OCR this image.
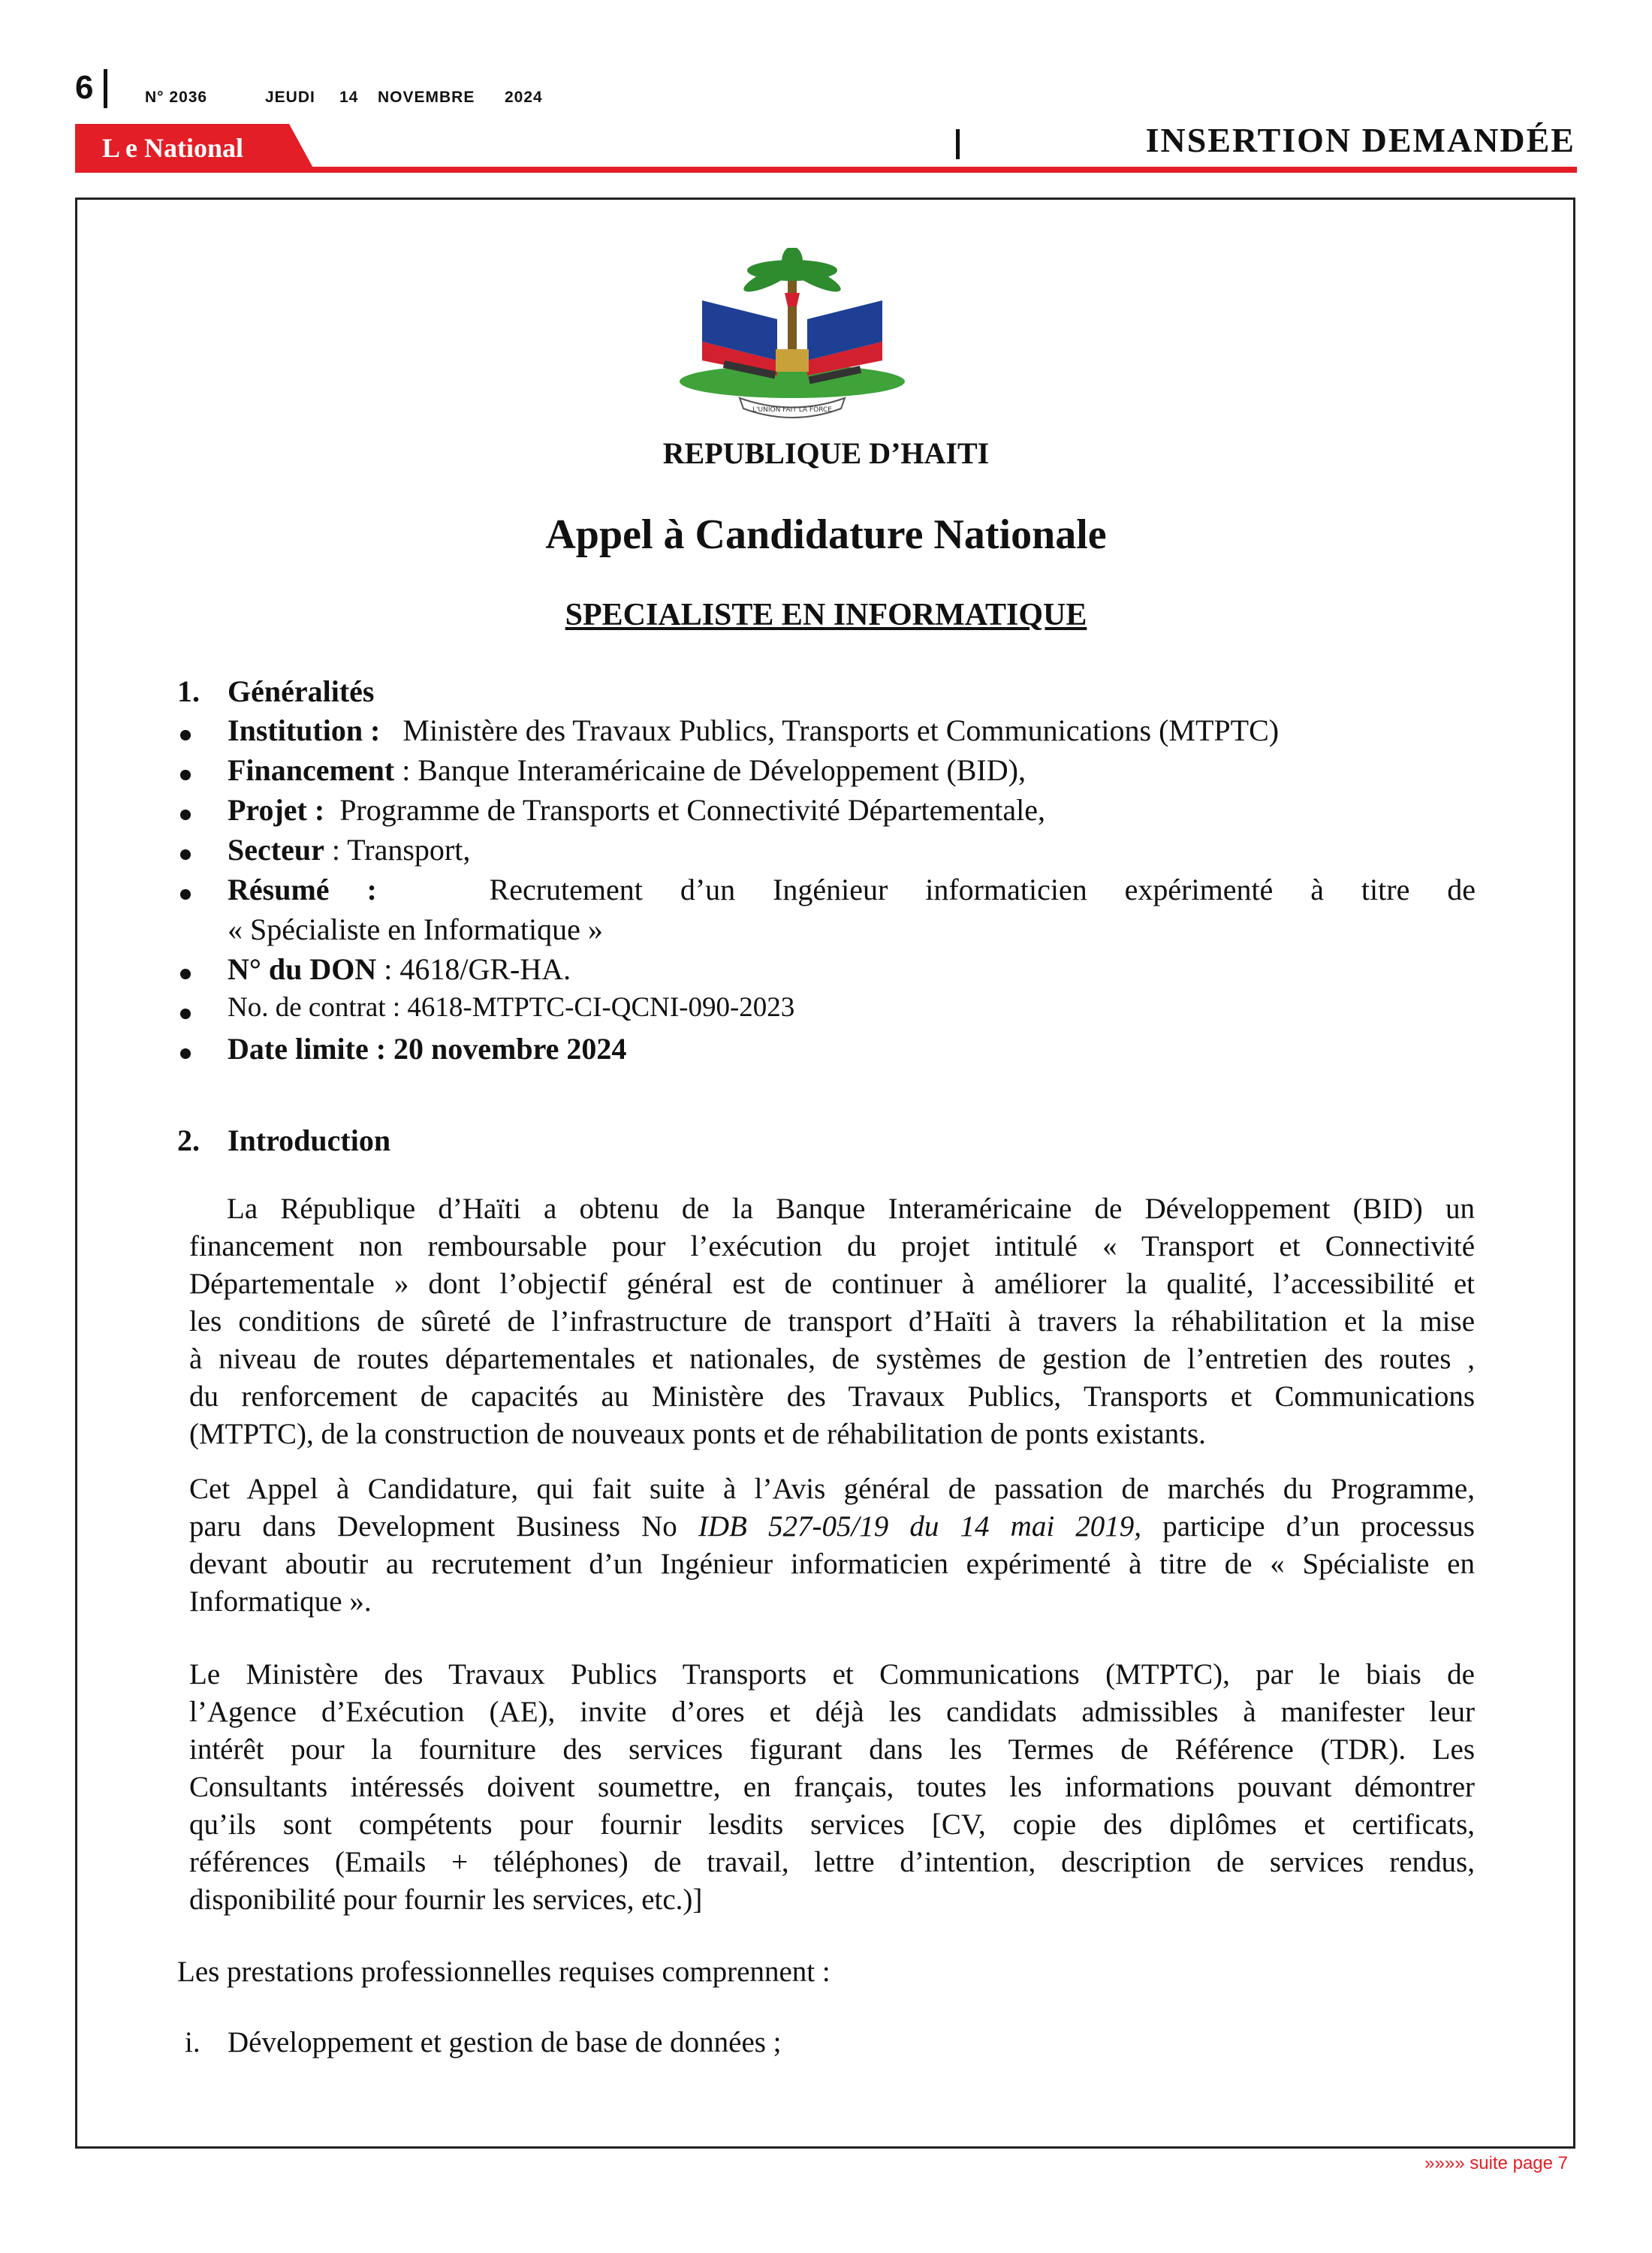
6	N° 2036	JEUDI 14 NOVEMBRE 2024
L e National	INSERTION DEMANDÉE
L'UNION FAIT LA FORCE
REPUBLIQUE D’HAITI
Appel à Candidature Nationale
SPECIALISTE EN INFORMATIQUE
1. Généralités
Institution : Ministère des Travaux Publics, Transports et Communications (MTPTC)
Financement : Banque Interaméricaine de Développement (BID),
Projet : Programme de Transports et Connectivité Départementale,
Secteur : Transport,
Résumé :	Recrutement d’un Ingénieur informaticien expérimenté à titre de
« Spécialiste en Informatique »
N° du DON : 4618/GR-HA.
No. de contrat : 4618-MTPTC-CI-QCNI-090-2023
Date limite : 20 novembre 2024
2. Introduction
La République d’Haïti a obtenu de la Banque Interaméricaine de Développement (BID) un
financement non remboursable pour l’exécution du projet intitulé « Transport et Connectivité
Départementale » dont l’objectif général est de continuer à améliorer la qualité, l’accessibilité et
les conditions de sûreté de l’infrastructure de transport d’Haïti à travers la réhabilitation et la mise
à niveau de routes départementales et nationales, de systèmes de gestion de l’entretien des routes ,
du renforcement de capacités au Ministère des Travaux Publics, Transports et Communications
(MTPTC), de la construction de nouveaux ponts et de réhabilitation de ponts existants.
Cet Appel à Candidature, qui fait suite à l’Avis général de passation de marchés du Programme,
paru dans Development Business No IDB 527-05/19 du 14 mai 2019, participe d’un processus
devant aboutir au recrutement d’un Ingénieur informaticien expérimenté à titre de « Spécialiste en
Informatique ».
Le Ministère des Travaux Publics Transports et Communications (MTPTC), par le biais de
l’Agence d’Exécution (AE), invite d’ores et déjà les candidats admissibles à manifester leur
intérêt pour la fourniture des services figurant dans les Termes de Référence (TDR). Les
Consultants intéressés doivent soumettre, en français, toutes les informations pouvant démontrer
qu’ils sont compétents pour fournir lesdits services [CV, copie des diplômes et certificats,
références (Emails + téléphones) de travail, lettre d’intention, description de services rendus,
disponibilité pour fournir les services, etc.)]
Les prestations professionnelles requises comprennent :
i. Développement et gestion de base de données ;
»»»» suite page 7
